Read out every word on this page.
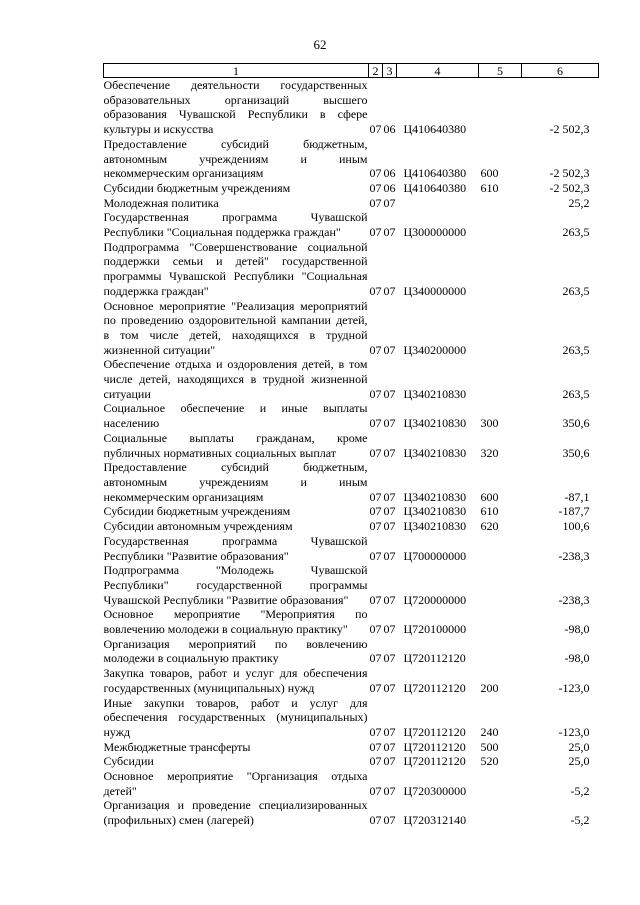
62
1	2	3	4	5	6
Обеспечение деятельности государственных образовательных организаций высшего образования Чувашской Республики в сфере культуры и искусства	07	06	Ц410640380		-2 502,3
Предоставление субсидий бюджетным, автономным учреждениям и иным некоммерческим организациям	07	06	Ц410640380	600	-2 502,3
Субсидии бюджетным учреждениям	07	06	Ц410640380	610	-2 502,3
Молодежная политика	07	07			25,2
Государственная программа Чувашской Республики "Социальная поддержка граждан"	07	07	Ц300000000		263,5
Подпрограмма "Совершенствование социальной поддержки семьи и детей" государственной программы Чувашской Республики "Социальная поддержка граждан"	07	07	Ц340000000		263,5
Основное мероприятие "Реализация мероприятий по проведению оздоровительной кампании детей, в том числе детей, находящихся в трудной жизненной ситуации"	07	07	Ц340200000		263,5
Обеспечение отдыха и оздоровления детей, в том числе детей, находящихся в трудной жизненной ситуации	07	07	Ц340210830		263,5
Социальное обеспечение и иные выплаты населению	07	07	Ц340210830	300	350,6
Социальные выплаты гражданам, кроме публичных нормативных социальных выплат	07	07	Ц340210830	320	350,6
Предоставление субсидий бюджетным, автономным учреждениям и иным некоммерческим организациям	07	07	Ц340210830	600	-87,1
Субсидии бюджетным учреждениям	07	07	Ц340210830	610	-187,7
Субсидии автономным учреждениям	07	07	Ц340210830	620	100,6
Государственная программа Чувашской Республики "Развитие образования"	07	07	Ц700000000		-238,3
Подпрограмма "Молодежь Чувашской Республики" государственной программы Чувашской Республики "Развитие образования"	07	07	Ц720000000		-238,3
Основное мероприятие "Мероприятия по вовлечению молодежи в социальную практику"	07	07	Ц720100000		-98,0
Организация мероприятий по вовлечению молодежи в социальную практику	07	07	Ц720112120		-98,0
Закупка товаров, работ и услуг для обеспечения государственных (муниципальных) нужд	07	07	Ц720112120	200	-123,0
Иные закупки товаров, работ и услуг для обеспечения государственных (муниципальных) нужд	07	07	Ц720112120	240	-123,0
Межбюджетные трансферты	07	07	Ц720112120	500	25,0
Субсидии	07	07	Ц720112120	520	25,0
Основное мероприятие "Организация отдыха детей"	07	07	Ц720300000		-5,2
Организация и проведение специализированных (профильных) смен (лагерей)	07	07	Ц720312140		-5,2
